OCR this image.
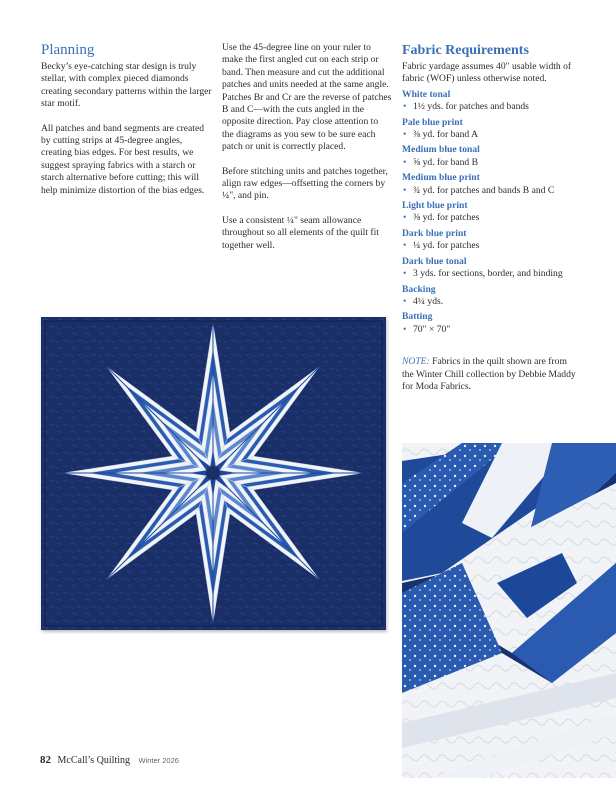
Planning

Becky’s eye-catching star design is truly stellar, with complex pieced diamonds creating secondary patterns within the larger star motif.

All patches and band segments are created by cutting strips at 45-degree angles, creating bias edges. For best results, we suggest spraying fabrics with a starch or starch alternative before cutting; this will help minimize distortion of the bias edges.

Use the 45-degree line on your ruler to make the first angled cut on each strip or band. Then measure and cut the additional patches and units needed at the same angle. Patches Br and Cr are the reverse of patches B and C—with the cuts angled in the opposite direction. Pay close attention to the diagrams as you sew to be sure each patch or unit is correctly placed.

Before stitching units and patches together, align raw edges—offsetting the corners by ¼", and pin.

Use a consistent ¼" seam allowance throughout so all elements of the quilt fit together well.

Fabric Requirements

Fabric yardage assumes 40" usable width of fabric (WOF) unless otherwise noted.

White tonal
• 1½ yds. for patches and bands
Pale blue print
• ⅜ yd. for band A
Medium blue tonal
• ⅝ yd. for band B
Medium blue print
• ¾ yd. for patches and bands B and C
Light blue print
• ⅜ yd. for patches
Dark blue print
• ¼ yd. for patches
Dark blue tonal
• 3 yds. for sections, border, and binding
Backing
• 4¼ yds.
Batting
• 70" × 70"

NOTE: Fabrics in the quilt shown are from the Winter Chill collection by Debbie Maddy for Moda Fabrics.

82 McCall’s Quilting Winter 2026
PassionForum.ru
